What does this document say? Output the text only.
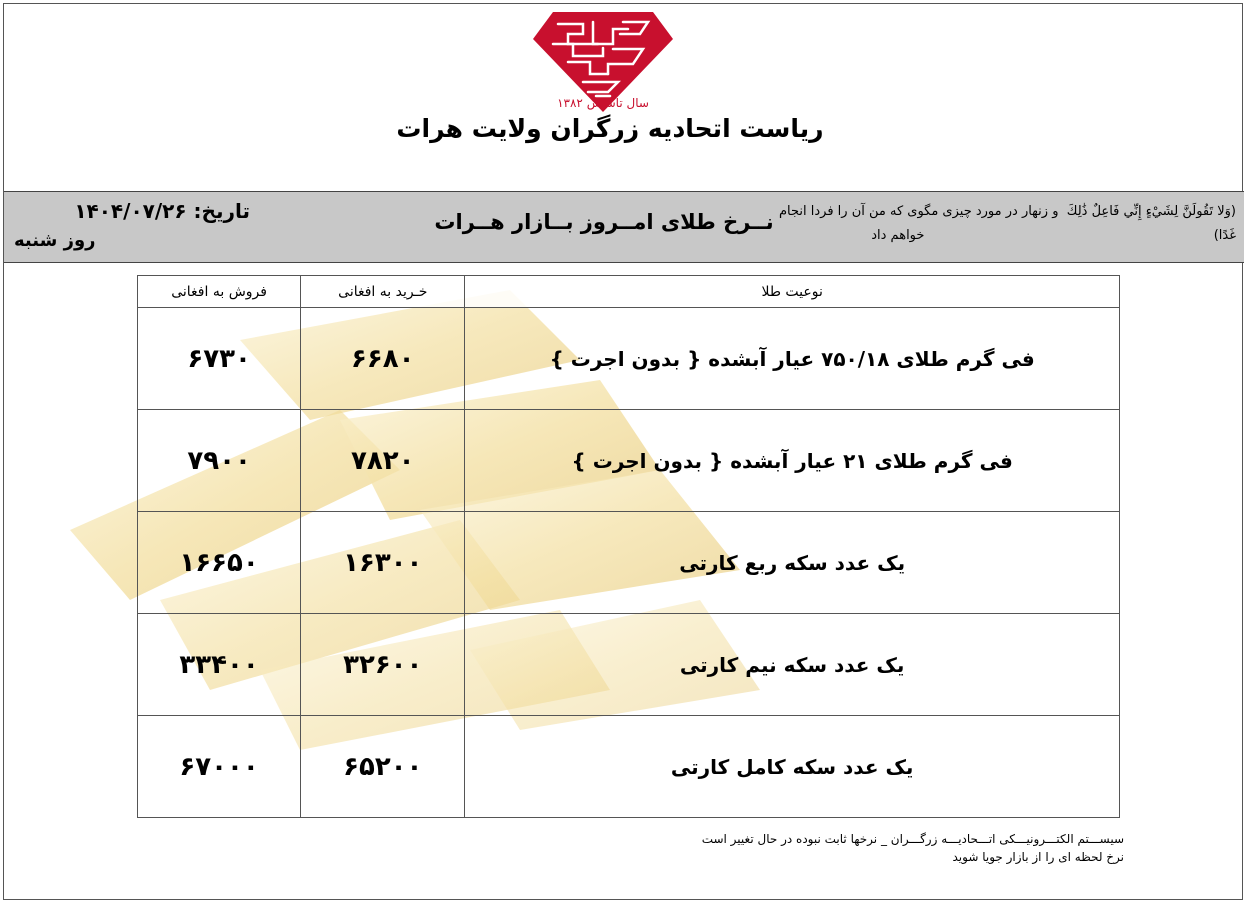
سال تاسیس ۱۳۸۲
ریاست اتحادیه زرگران ولایت هرات
(وَلا تَقُولَنَّ لِشَيْءٍ إِنِّي فَاعِلٌ ذَٰلِكَ  و زنهار در مورد چیزی مگوی که من آن را فردا انجام
غَدًا)                                                                      خواهم داد
نــرخ طلای امــروز بــازار هــرات
تاریخ: ۱۴۰۴/۰۷/۲۶
روز شنبه
نوعیت طلا	خـرید به افغانی	فروش به افغانی
فی گرم طلای ۷۵۰/۱۸ عیار آبشده { بدون اجرت }	۶۶۸۰	۶۷۳۰
فی گرم طلای ۲۱ عیار آبشده { بدون اجرت }	۷۸۲۰	۷۹۰۰
یک عدد سکه ربع کارتی	۱۶۳۰۰	۱۶۶۵۰
یک عدد سکه نیم کارتی	۳۲۶۰۰	۳۳۴۰۰
یک عدد سکه کامل کارتی	۶۵۲۰۰	۶۷۰۰۰
سیســـتم الکتـــرونیـــکی اتـــحادیـــه زرگـــران _ نرخها ثابت نبوده در حال تغییر است
نرخ لحظه ای را از بازار جویا شوید
